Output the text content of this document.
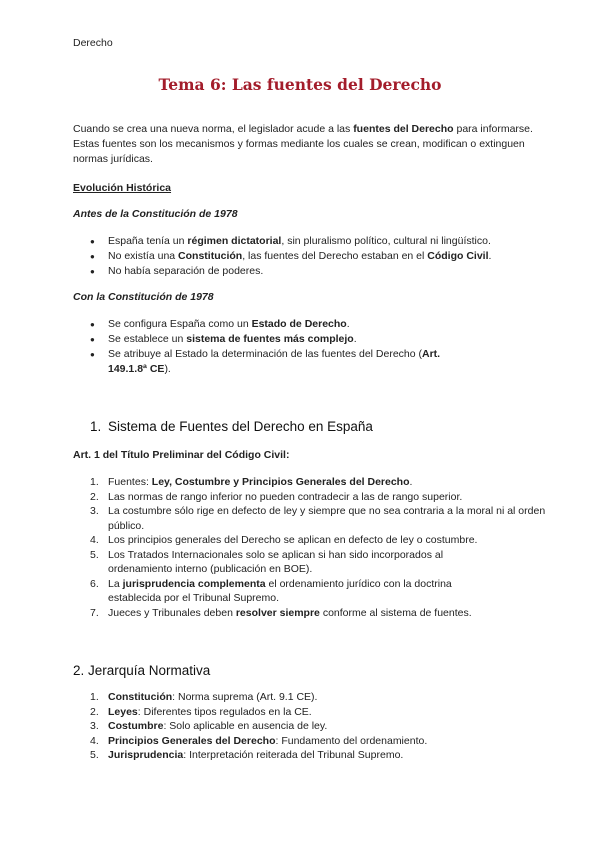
Derecho
Tema 6: Las fuentes del Derecho
Cuando se crea una nueva norma, el legislador acude a las fuentes del Derecho para informarse. Estas fuentes son los mecanismos y formas mediante los cuales se crean, modifican o extinguen normas jurídicas.
Evolución Histórica
Antes de la Constitución de 1978
● España tenía un régimen dictatorial, sin pluralismo político, cultural ni lingüístico.
● No existía una Constitución, las fuentes del Derecho estaban en el Código Civil.
● No había separación de poderes.
Con la Constitución de 1978
● Se configura España como un Estado de Derecho.
● Se establece un sistema de fuentes más complejo.
● Se atribuye al Estado la determinación de las fuentes del Derecho (Art. 149.1.8ª CE).
1. Sistema de Fuentes del Derecho en España
Art. 1 del Título Preliminar del Código Civil:
1. Fuentes: Ley, Costumbre y Principios Generales del Derecho.
2. Las normas de rango inferior no pueden contradecir a las de rango superior.
3. La costumbre sólo rige en defecto de ley y siempre que no sea contraria a la moral ni al orden público.
4. Los principios generales del Derecho se aplican en defecto de ley o costumbre.
5. Los Tratados Internacionales solo se aplican si han sido incorporados al ordenamiento interno (publicación en BOE).
6. La jurisprudencia complementa el ordenamiento jurídico con la doctrina establecida por el Tribunal Supremo.
7. Jueces y Tribunales deben resolver siempre conforme al sistema de fuentes.
2. Jerarquía Normativa
1. Constitución: Norma suprema (Art. 9.1 CE).
2. Leyes: Diferentes tipos regulados en la CE.
3. Costumbre: Solo aplicable en ausencia de ley.
4. Principios Generales del Derecho: Fundamento del ordenamiento.
5. Jurisprudencia: Interpretación reiterada del Tribunal Supremo.
